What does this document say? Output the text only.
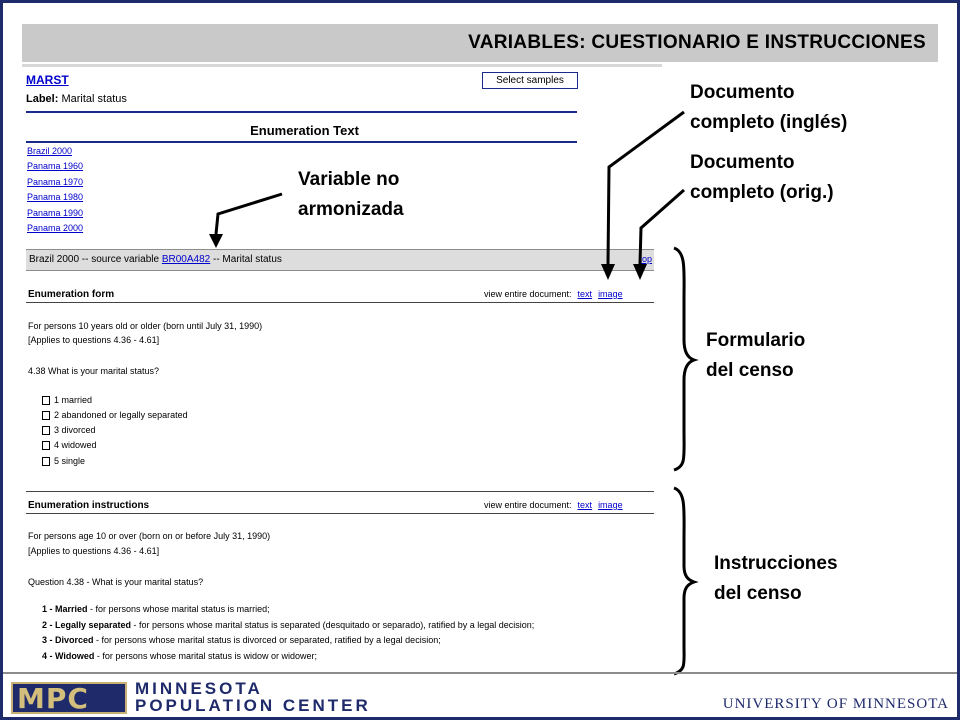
VARIABLES: CUESTIONARIO E INSTRUCCIONES
MARST
Label: Marital status
Select samples
Enumeration Text
Brazil 2000
Panama 1960
Panama 1970
Panama 1980
Panama 1990
Panama 2000
Brazil 2000 -- source variable BR00A482 -- Marital status	top
Enumeration form	view entire document: text image
For persons 10 years old or older (born until July 31, 1990)
[Applies to questions 4.36 - 4.61]
4.38 What is your marital status?
1 married
2 abandoned or legally separated
3 divorced
4 widowed
5 single
Enumeration instructions	view entire document: text image
For persons age 10 or over (born on or before July 31, 1990)
[Applies to questions 4.36 - 4.61]
Question 4.38 - What is your marital status?
1 - Married - for persons whose marital status is married;
2 - Legally separated - for persons whose marital status is separated (desquitado or separado), ratified by a legal decision;
3 - Divorced - for persons whose marital status is divorced or separated, ratified by a legal decision;
4 - Widowed - for persons whose marital status is widow or widower;
Variable no
armonizada
Documento
completo (inglés)
Documento
completo (orig.)
Formulario
del censo
Instrucciones
del censo
MPC	MINNESOTA
POPULATION CENTER	UNIVERSITY OF MINNESOTA
